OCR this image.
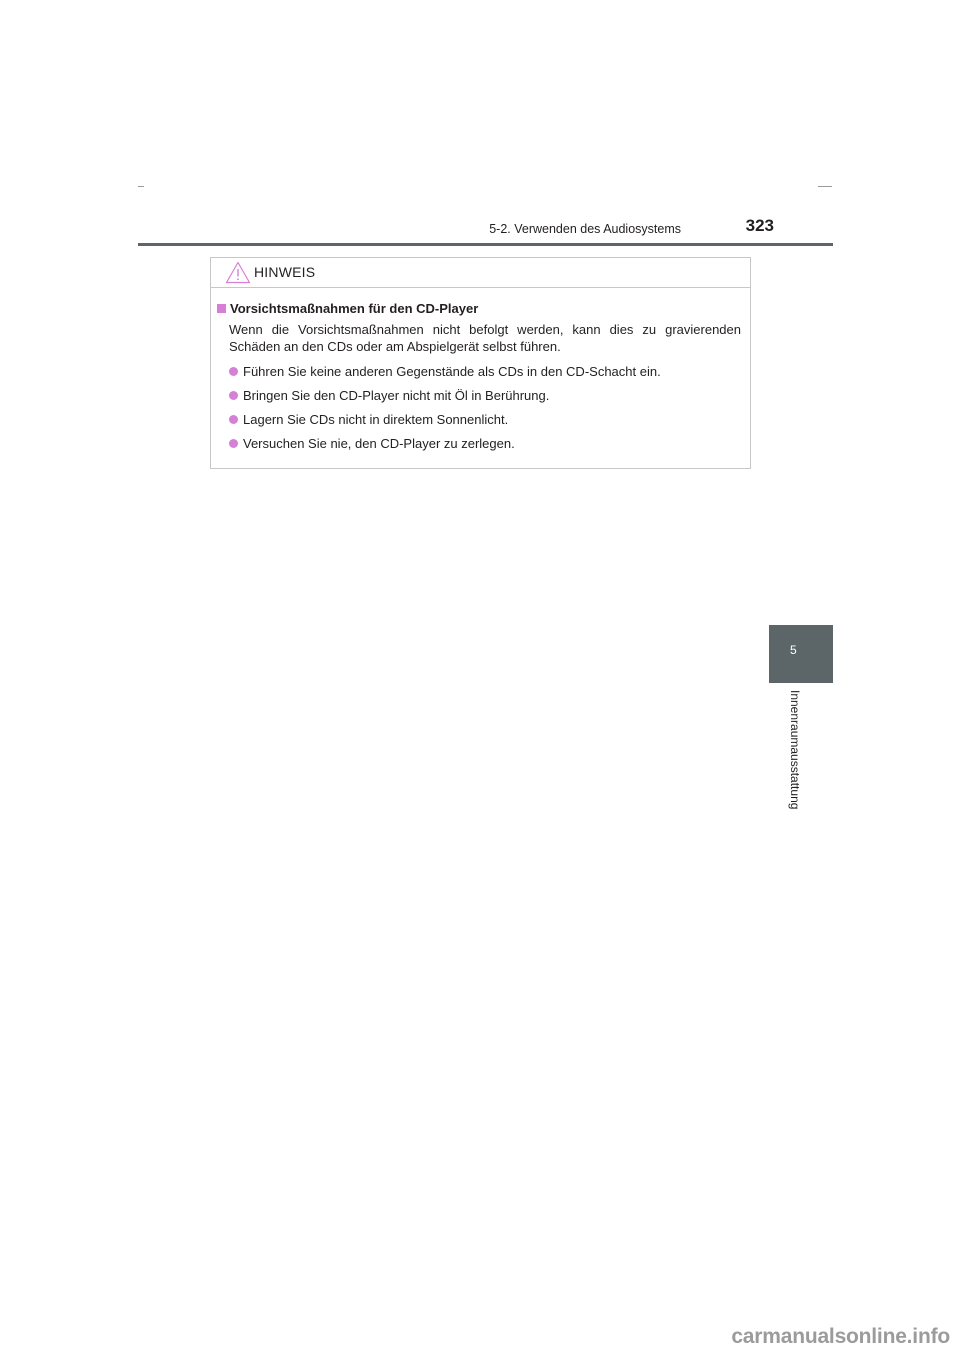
5-2. Verwenden des Audiosystems	323
HINWEIS
Vorsichtsmaßnahmen für den CD-Player
Wenn die Vorsichtsmaßnahmen nicht befolgt werden, kann dies zu gravierenden Schäden an den CDs oder am Abspielgerät selbst führen.
Führen Sie keine anderen Gegenstände als CDs in den CD-Schacht ein.
Bringen Sie den CD-Player nicht mit Öl in Berührung.
Lagern Sie CDs nicht in direktem Sonnenlicht.
Versuchen Sie nie, den CD-Player zu zerlegen.
5
Innenraumausstattung
carmanualsonline.info
